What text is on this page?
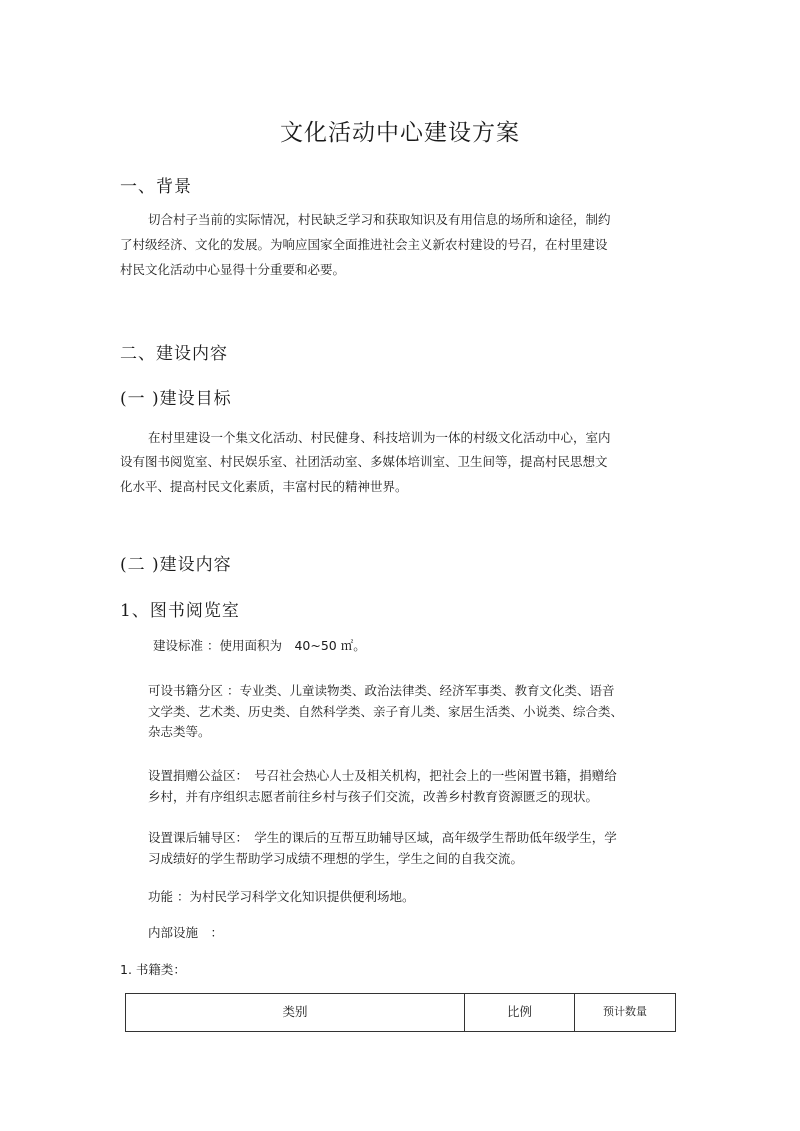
文化活动中心建设方案
一、背景
切合村子当前的实际情况，村民缺乏学习和获取知识及有用信息的场所和途径，制约
了村级经济、文化的发展。为响应国家全面推进社会主义新农村建设的号召，在村里建设
村民文化活动中心显得十分重要和必要。
二、建设内容
(一 )建设目标
在村里建设一个集文化活动、村民健身、科技培训为一体的村级文化活动中心，室内
设有图书阅览室、村民娱乐室、社团活动室、多媒体培训室、卫生间等，提高村民思想文
化水平、提高村民文化素质，丰富村民的精神世界。
(二 )建设内容
1、图书阅览室
建设标准 ：使用面积为　40~50 ㎡。
可设书籍分区 ：专业类、儿童读物类、政治法律类、经济军事类、教育文化类、语音
文学类、艺术类、历史类、自然科学类、亲子育儿类、家居生活类、小说类、综合类、
杂志类等。
设置捐赠公益区：　号召社会热心人士及相关机构，把社会上的一些闲置书籍，捐赠给
乡村，并有序组织志愿者前往乡村与孩子们交流，改善乡村教育资源匮乏的现状。
设置课后辅导区：　学生的课后的互帮互助辅导区域，高年级学生帮助低年级学生，学
习成绩好的学生帮助学习成绩不理想的学生，学生之间的自我交流。
功能 ：为村民学习科学文化知识提供便利场地。
内部设施　：
1. 书籍类：
类别	比例	预计数量
